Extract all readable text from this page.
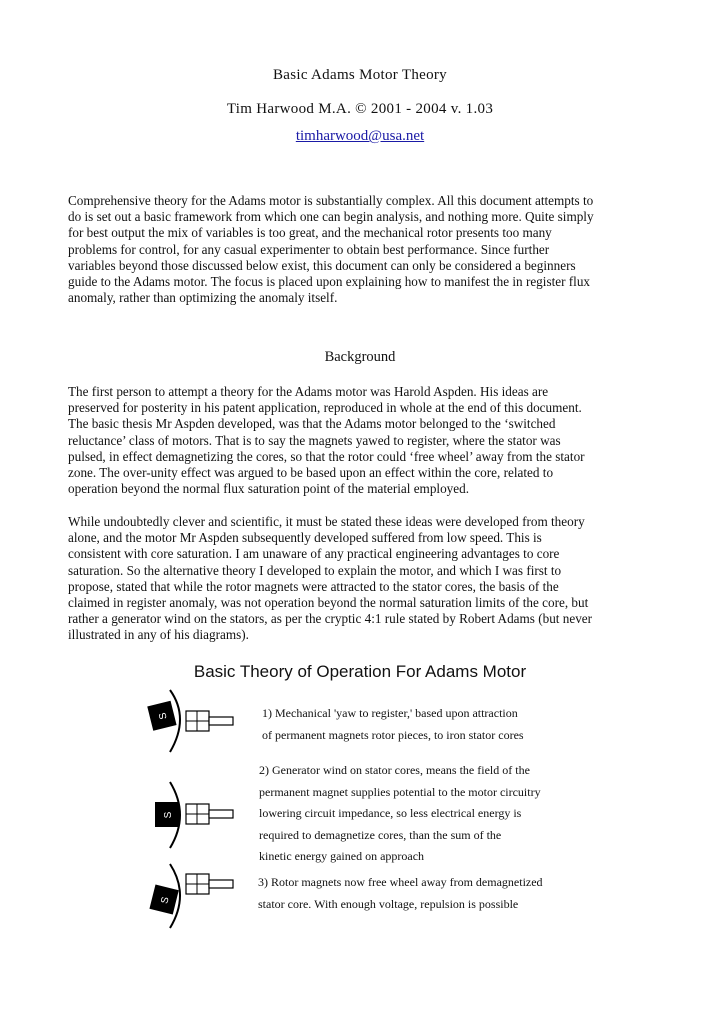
Basic Adams Motor Theory
Tim Harwood M.A. © 2001 - 2004 v. 1.03
timharwood@usa.net
Comprehensive theory for the Adams motor is substantially complex. All this document attempts to
do is set out a basic framework from which one can begin analysis, and nothing more. Quite simply
for best output the mix of variables is too great, and the mechanical rotor presents too many
problems for control, for any casual experimenter to obtain best performance. Since further
variables beyond those discussed below exist, this document can only be considered a beginners
guide to the Adams motor. The focus is placed upon explaining how to manifest the in register flux
anomaly, rather than optimizing the anomaly itself.
Background
The first person to attempt a theory for the Adams motor was Harold Aspden. His ideas are
preserved for posterity in his patent application, reproduced in whole at the end of this document.
The basic thesis Mr Aspden developed, was that the Adams motor belonged to the ‘switched
reluctance’ class of motors. That is to say the magnets yawed to register, where the stator was
pulsed, in effect demagnetizing the cores, so that the rotor could ‘free wheel’ away from the stator
zone. The over-unity effect was argued to be based upon an effect within the core, related to
operation beyond the normal flux saturation point of the material employed.
While undoubtedly clever and scientific, it must be stated these ideas were developed from theory
alone, and the motor Mr Aspden subsequently developed suffered from low speed. This is
consistent with core saturation. I am unaware of any practical engineering advantages to core
saturation. So the alternative theory I developed to explain the motor, and which I was first to
propose, stated that while the rotor magnets were attracted to the stator cores, the basis of the
claimed in register anomaly, was not operation beyond the normal saturation limits of the core, but
rather a generator wind on the stators, as per the cryptic 4:1 rule stated by Robert Adams (but never
illustrated in any of his diagrams).
Basic Theory of Operation For Adams Motor
S	1) Mechanical 'yaw to register,' based upon attraction
of permanent magnets rotor pieces, to iron stator cores
S
2) Generator wind on stator cores, means the field of the
permanent magnet supplies potential to the motor circuitry
lowering circuit impedance, so less electrical energy is
required to demagnetize cores, than the sum of the
kinetic energy gained on approach
S
3) Rotor magnets now free wheel away from demagnetized
stator core. With enough voltage, repulsion is possible
